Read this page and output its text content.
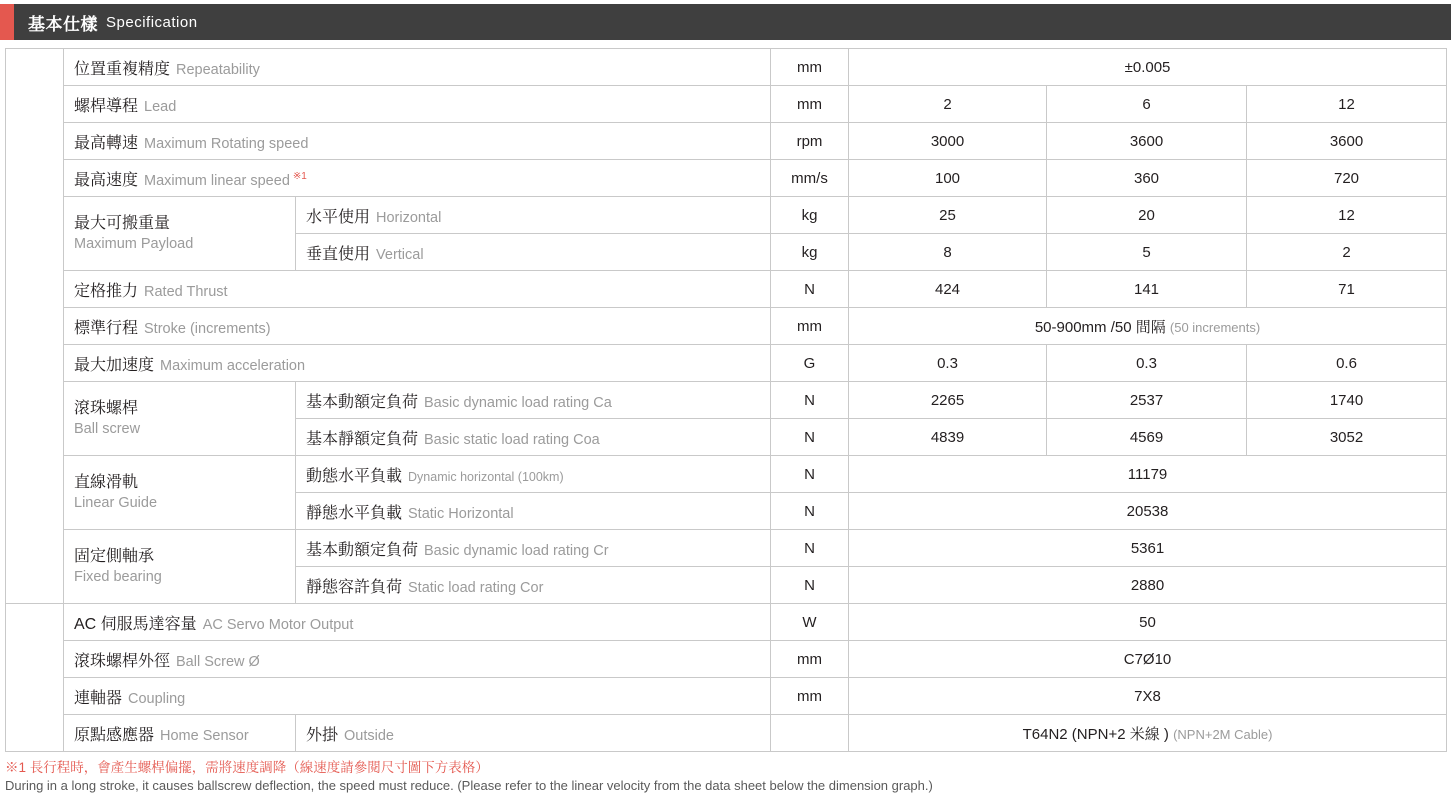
基本仕樣 Specification
性能	位置重複精度 Repeatability		mm	±0.005		
	螺桿導程 Lead		mm	2	6	12
	最高轉速 Maximum Rotating speed		rpm	3000	3600	3600
	最高速度 Maximum linear speed $^{※1}$		mm/s	100	360	720

	最大可搬重量
Maximum Payload	水平使用 Horizontal	kg	25	20	12
		垂直使用 Vertical	kg	8	5	2
	定格推力 Rated Thrust		N	424	141	71
	標準行程 Stroke (increments)		mm	50-900mm /50 間隔 (50 increments)		
	最大加速度 Maximum acceleration		G	0.3	0.3	0.6

	滾珠螺桿
Ball screw	基本動額定負荷 Basic dynamic load rating Ca	N	2265	2537	1740
		基本靜額定負荷 Basic static load rating Coa	N	4839	4569	3052

	直線滑軌
Linear Guide	動態水平負載 Dynamic horizontal (100km)	N	11179		
		靜態水平負載 Static Horizontal	N	20538		

	固定側軸承
Fixed bearing	基本動額定負荷 Basic dynamic load rating Cr	N	5361		
		靜態容許負荷 Static load rating Cor	N	2880		
部品	AC 伺服馬達容量 AC Servo Motor Output		W	50		
	滾珠螺桿外徑 Ball Screw Ø		mm	C7Ø10		
	連軸器 Coupling		mm	7X8		
	原點感應器 Home Sensor	外掛 Outside		T64N2 (NPN+2 米線 ) (NPN+2M Cable)		
※1 長行程時，會產生螺桿偏擺，需將速度調降（線速度請參閱尺寸圖下方表格）
During in a long stroke, it causes ballscrew deflection, the speed must reduce. (Please refer to the linear velocity from the data sheet below the dimension graph.)
